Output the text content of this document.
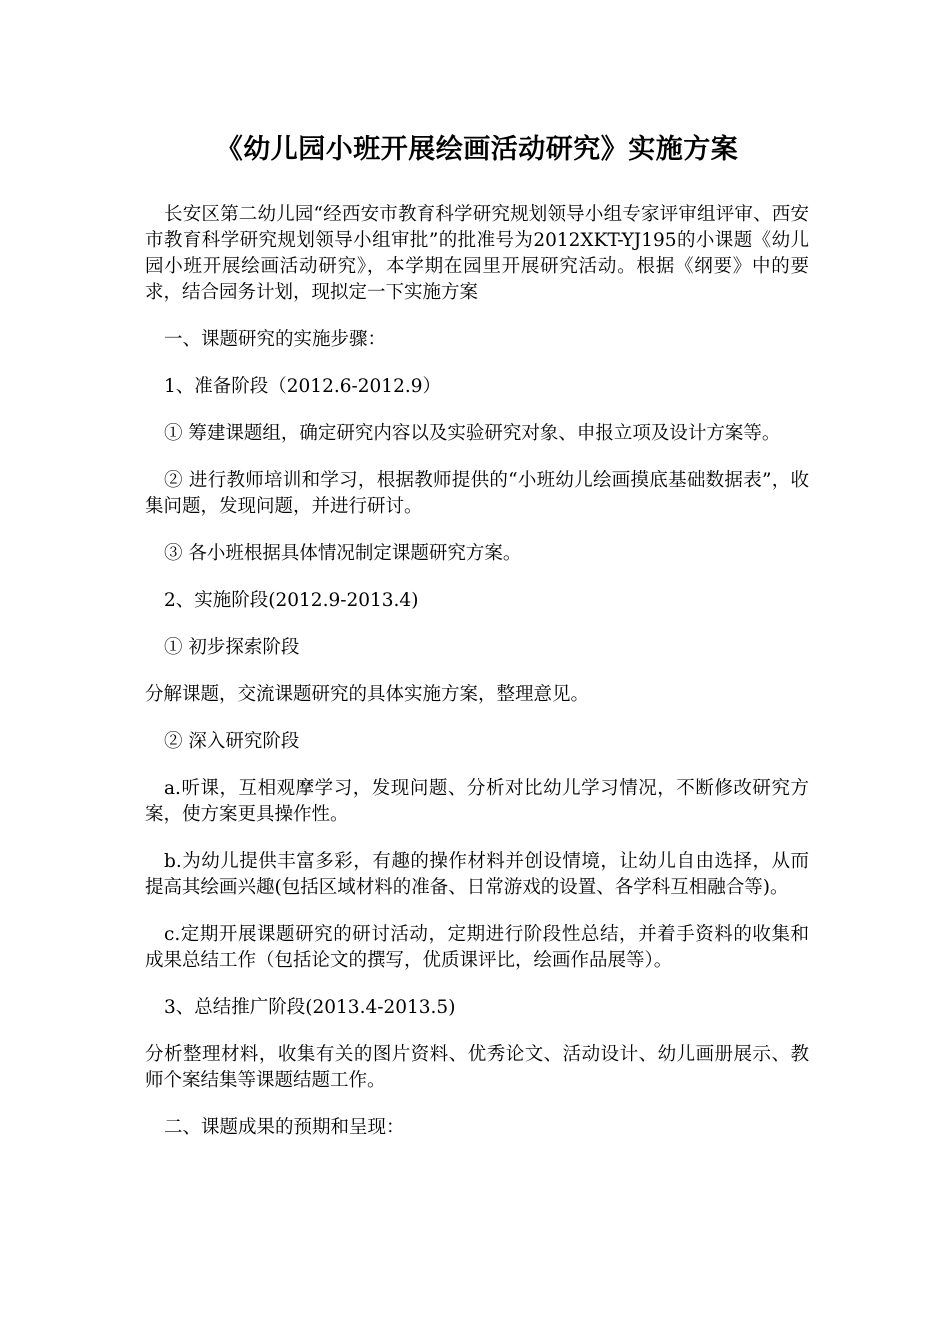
《幼儿园小班开展绘画活动研究》实施方案

长安区第二幼儿园“经西安市教育科学研究规划领导小组专家评审组评审、西安市教育科学研究规划领导小组审批”的批准号为2012XKT-YJ195的小课题《幼儿园小班开展绘画活动研究》，本学期在园里开展研究活动。根据《纲要》中的要求，结合园务计划，现拟定一下实施方案

一、课题研究的实施步骤：

1、准备阶段（2012.6-2012.9）

① 筹建课题组，确定研究内容以及实验研究对象、申报立项及设计方案等。

② 进行教师培训和学习，根据教师提供的“小班幼儿绘画摸底基础数据表”，收集问题，发现问题，并进行研讨。

③ 各小班根据具体情况制定课题研究方案。

2、实施阶段(2012.9-2013.4)

① 初步探索阶段

分解课题，交流课题研究的具体实施方案，整理意见。

② 深入研究阶段

a.听课，互相观摩学习，发现问题、分析对比幼儿学习情况，不断修改研究方案，使方案更具操作性。

b.为幼儿提供丰富多彩，有趣的操作材料并创设情境，让幼儿自由选择，从而提高其绘画兴趣(包括区域材料的准备、日常游戏的设置、各学科互相融合等)。

c.定期开展课题研究的研讨活动，定期进行阶段性总结，并着手资料的收集和成果总结工作（包括论文的撰写，优质课评比，绘画作品展等）。

3、总结推广阶段(2013.4-2013.5)

分析整理材料，收集有关的图片资料、优秀论文、活动设计、幼儿画册展示、教师个案结集等课题结题工作。

二、课题成果的预期和呈现：
